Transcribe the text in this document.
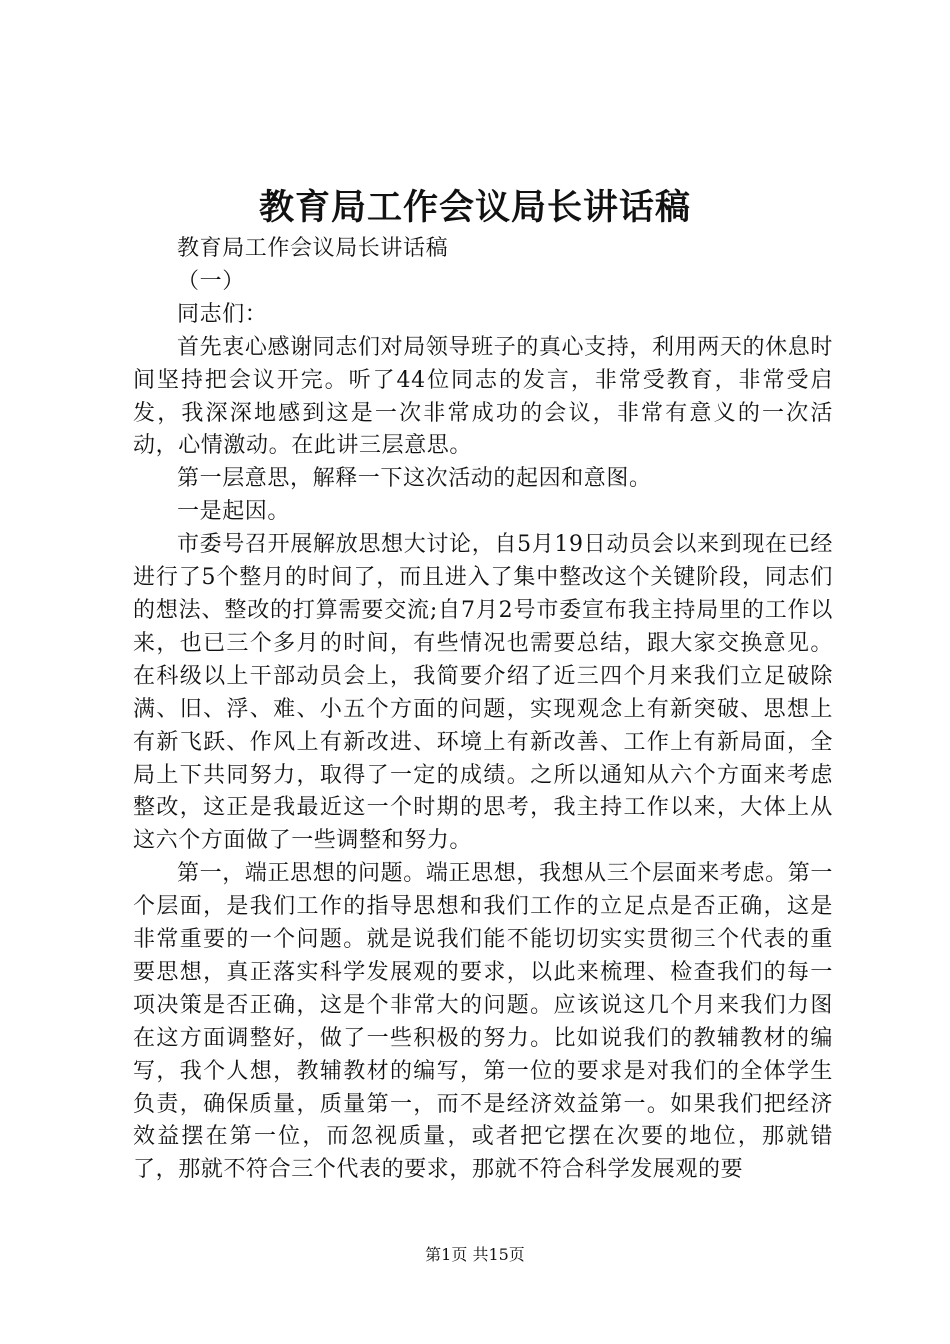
教育局工作会议局长讲话稿

教育局工作会议局长讲话稿

（一）

同志们：

首先衷心感谢同志们对局领导班子的真心支持，利用两天的休息时间坚持把会议开完。听了44位同志的发言，非常受教育，非常受启发，我深深地感到这是一次非常成功的会议，非常有意义的一次活动，心情激动。在此讲三层意思。

第一层意思，解释一下这次活动的起因和意图。

一是起因。

市委号召开展解放思想大讨论，自5月19日动员会以来到现在已经进行了5个整月的时间了，而且进入了集中整改这个关键阶段，同志们的想法、整改的打算需要交流;自7月2号市委宣布我主持局里的工作以来，也已三个多月的时间，有些情况也需要总结，跟大家交换意见。在科级以上干部动员会上，我简要介绍了近三四个月来我们立足破除满、旧、浮、难、小五个方面的问题，实现观念上有新突破、思想上有新飞跃、作风上有新改进、环境上有新改善、工作上有新局面，全局上下共同努力，取得了一定的成绩。之所以通知从六个方面来考虑整改，这正是我最近这一个时期的思考，我主持工作以来，大体上从这六个方面做了一些调整和努力。

第一，端正思想的问题。端正思想，我想从三个层面来考虑。第一个层面，是我们工作的指导思想和我们工作的立足点是否正确，这是非常重要的一个问题。就是说我们能不能切切实实贯彻三个代表的重要思想，真正落实科学发展观的要求，以此来梳理、检查我们的每一项决策是否正确，这是个非常大的问题。应该说这几个月来我们力图在这方面调整好，做了一些积极的努力。比如说我们的教辅教材的编写，我个人想，教辅教材的编写，第一位的要求是对我们的全体学生负责，确保质量，质量第一，而不是经济效益第一。如果我们把经济效益摆在第一位，而忽视质量，或者把它摆在次要的地位，那就错了，那就不符合三个代表的要求，那就不符合科学发展观的要

第1页 共15页
